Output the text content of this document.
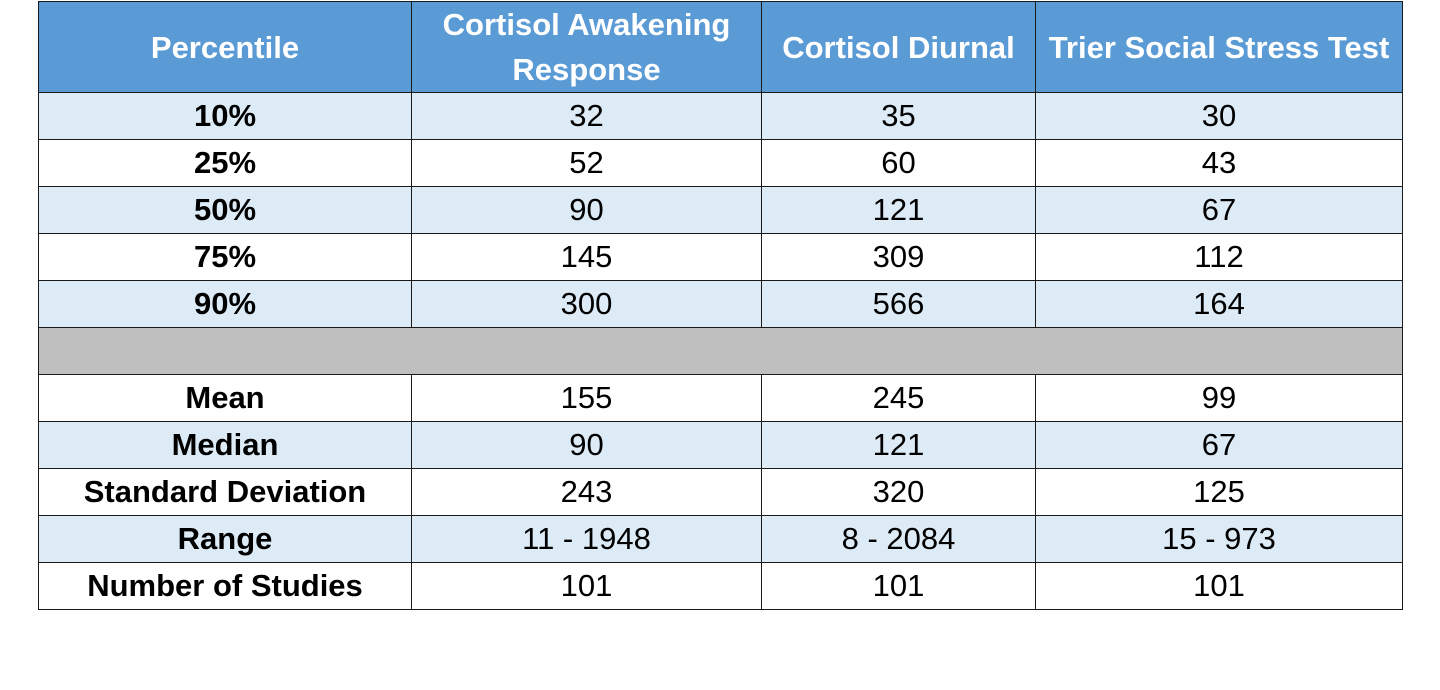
Percentile	Cortisol Awakening Response	Cortisol Diurnal	Trier Social Stress Test
10%	32	35	30
25%	52	60	43
50%	90	121	67
75%	145	309	112
90%	300	566	164

Mean	155	245	99
Median	90	121	67
Standard Deviation	243	320	125
Range	11 - 1948	8 - 2084	15 - 973
Number of Studies	101	101	101
